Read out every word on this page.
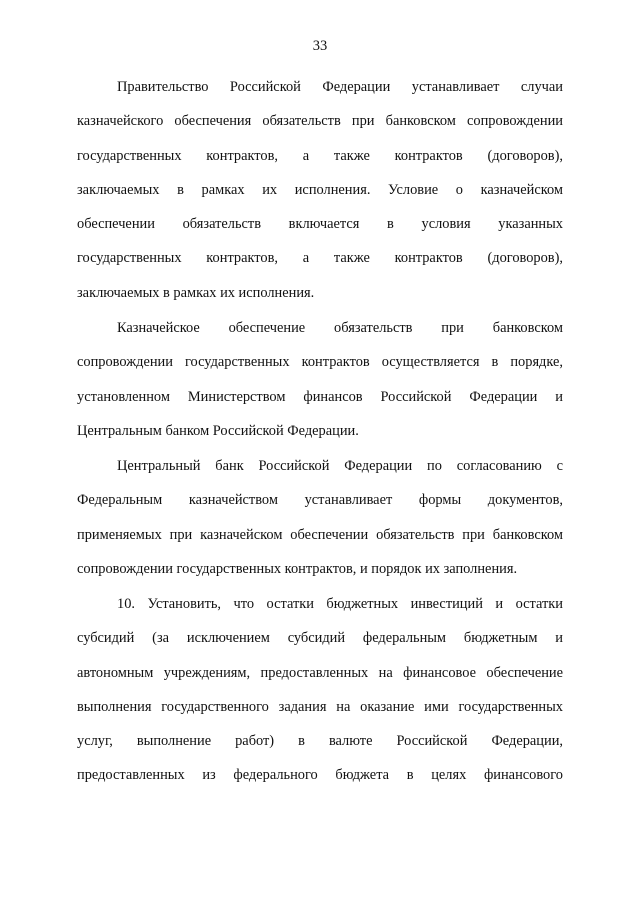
33
Правительство Российской Федерации устанавливает случаи
казначейского обеспечения обязательств при банковском сопровождении
государственных контрактов, а также контрактов (договоров),
заключаемых в рамках их исполнения. Условие о казначейском
обеспечении обязательств включается в условия указанных
государственных контрактов, а также контрактов (договоров),
заключаемых в рамках их исполнения.
Казначейское обеспечение обязательств при банковском
сопровождении государственных контрактов осуществляется в порядке,
установленном Министерством финансов Российской Федерации и
Центральным банком Российской Федерации.
Центральный банк Российской Федерации по согласованию с
Федеральным казначейством устанавливает формы документов,
применяемых при казначейском обеспечении обязательств при банковском
сопровождении государственных контрактов, и порядок их заполнения.
10. Установить, что остатки бюджетных инвестиций и остатки
субсидий (за исключением субсидий федеральным бюджетным и
автономным учреждениям, предоставленных на финансовое обеспечение
выполнения государственного задания на оказание ими государственных
услуг, выполнение работ) в валюте Российской Федерации,
предоставленных из федерального бюджета в целях финансового
